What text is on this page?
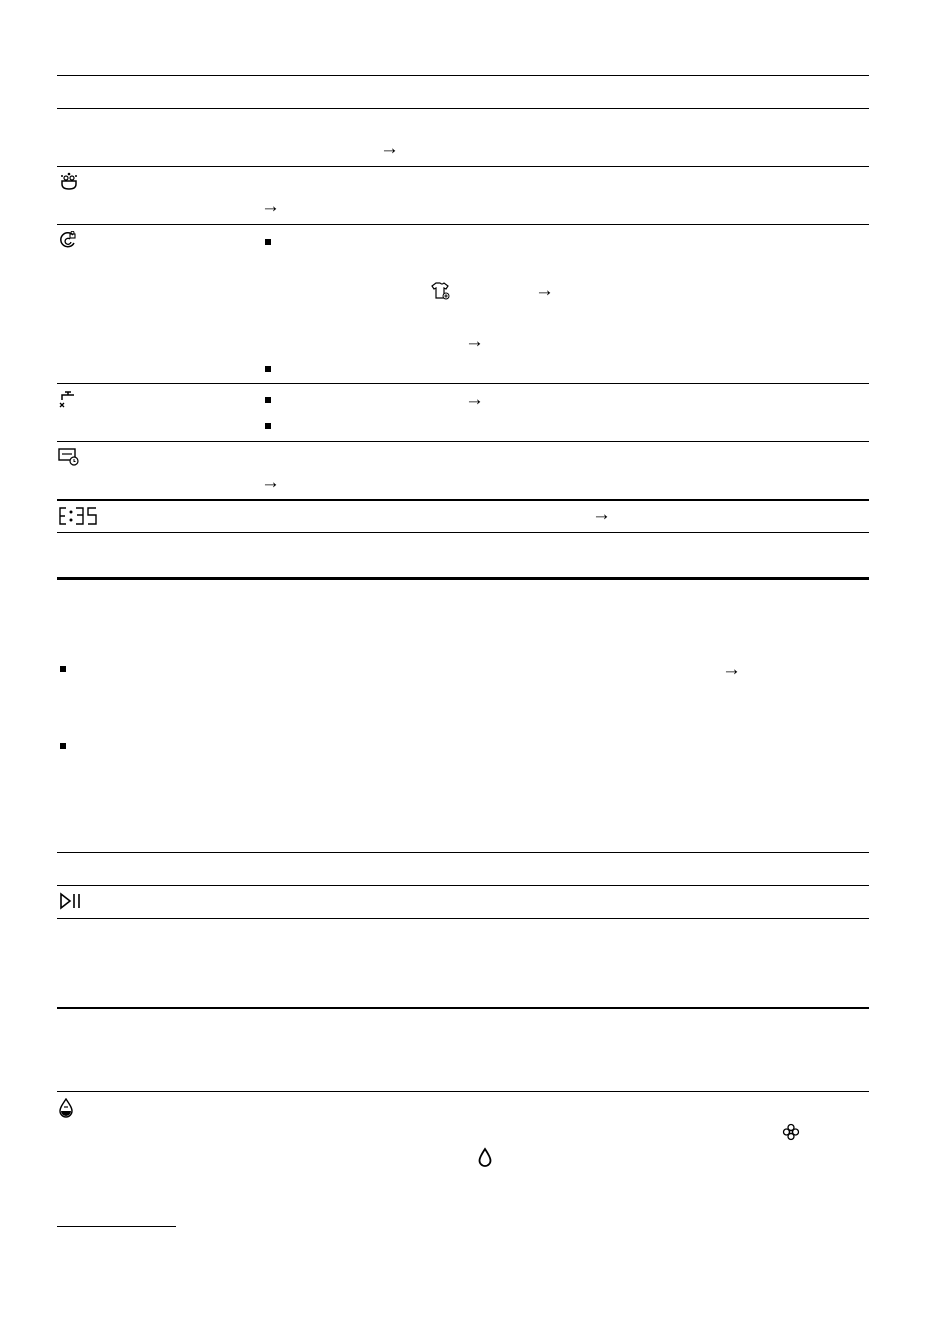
→
→
→
→
→
→
→
→
